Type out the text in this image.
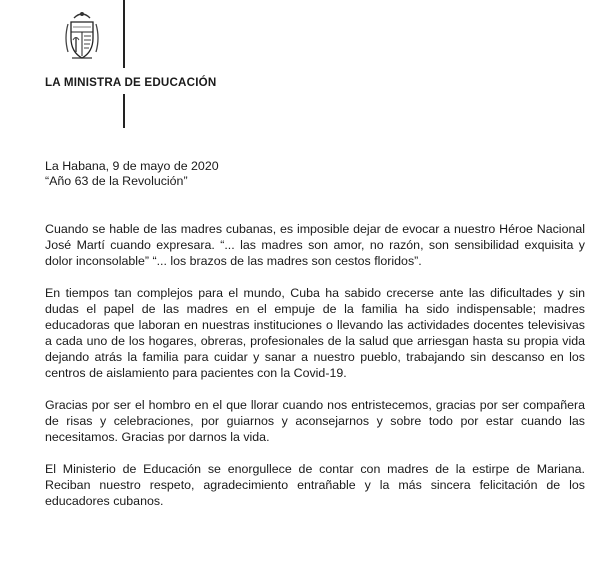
LA MINISTRA DE EDUCACIÓN
La Habana, 9 de mayo de 2020
“Año 63 de la Revolución”

Cuando se hable de las madres cubanas, es imposible dejar de evocar a nuestro Héroe Nacional José Martí cuando expresara. “... las madres son amor, no razón, son sensibilidad exquisita y dolor inconsolable” “... los brazos de las madres son cestos floridos”.

En tiempos tan complejos para el mundo, Cuba ha sabido crecerse ante las dificultades y sin dudas el papel de las madres en el empuje de la familia ha sido indispensable; madres educadoras que laboran en nuestras instituciones o llevando las actividades docentes televisivas a cada uno de los hogares, obreras, profesionales de la salud que arriesgan hasta su propia vida dejando atrás la familia para cuidar y sanar a nuestro pueblo, trabajando sin descanso en los centros de aislamiento para pacientes con la Covid-19.

Gracias por ser el hombro en el que llorar cuando nos entristecemos, gracias por ser compañera de risas y celebraciones, por guiarnos y aconsejarnos y sobre todo por estar cuando las necesitamos. Gracias por darnos la vida.

El Ministerio de Educación se enorgullece de contar con madres de la estirpe de Mariana. Reciban nuestro respeto, agradecimiento entrañable y la más sincera felicitación de los educadores cubanos.
